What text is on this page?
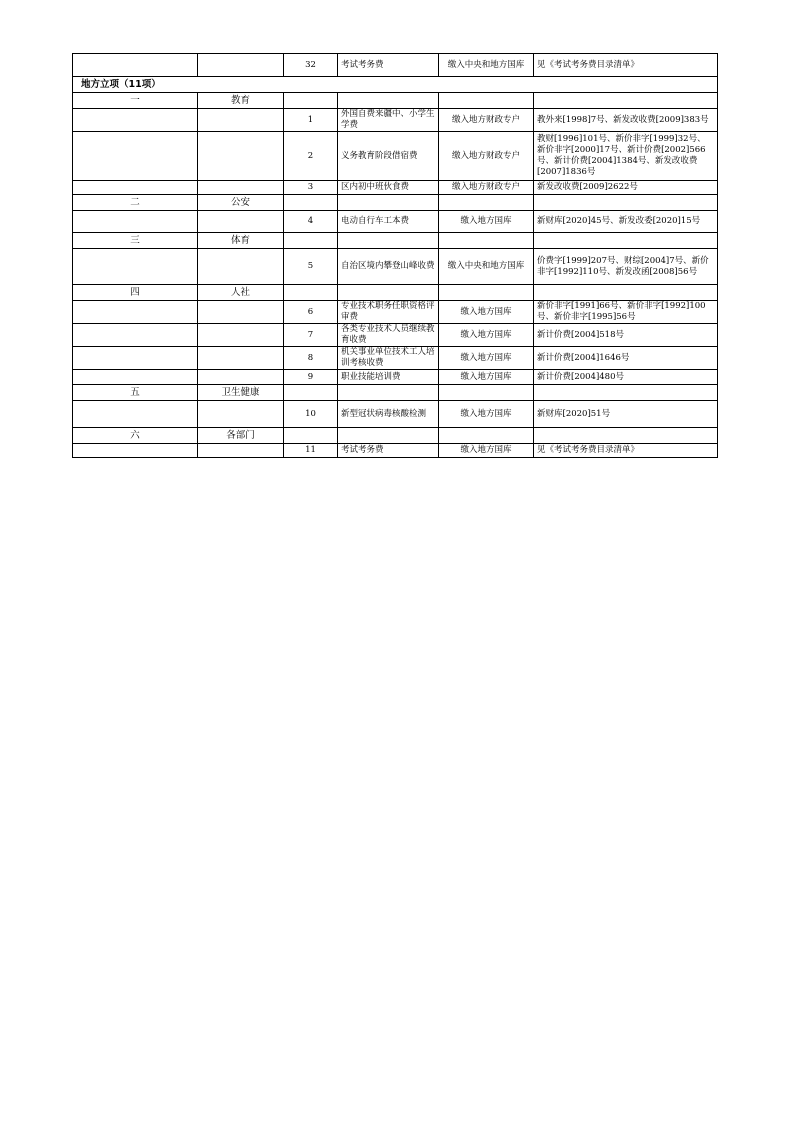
		32	考试考务费	缴入中央和地方国库	见《考试考务费目录清单》
地方立项（11项）					
一	教育				
		1	外国自费来疆中、小学生学费	缴入地方财政专户	教外来[1998]7号、新发改收费[2009]383号
		2	义务教育阶段借宿费	缴入地方财政专户	教财[1996]101号、新价非字[1999]32号、新价非字[2000]17号、新计价费[2002]566号、新计价费[2004]1384号、新发改收费[2007]1836号
		3	区内初中班伙食费	缴入地方财政专户	新发改收费[2009]2622号
二	公安				
		4	电动自行车工本费	缴入地方国库	新财库[2020]45号、新发改委[2020]15号
三	体育				
		5	自治区境内攀登山峰收费	缴入中央和地方国库	价费字[1999]207号、财综[2004]7号、新价非字[1992]110号、新发改函[2008]56号
四	人社				
		6	专业技术职务任职资格评审费	缴入地方国库	新价非字[1991]66号、新价非字[1992]100号、新价非字[1995]56号
		7	各类专业技术人员继续教育收费	缴入地方国库	新计价费[2004]518号
		8	机关事业单位技术工人培训考核收费	缴入地方国库	新计价费[2004]1646号
		9	职业技能培训费	缴入地方国库	新计价费[2004]480号
五	卫生健康				
		10	新型冠状病毒核酸检测	缴入地方国库	新财库[2020]51号
六	各部门				
		11	考试考务费	缴入地方国库	见《考试考务费目录清单》
